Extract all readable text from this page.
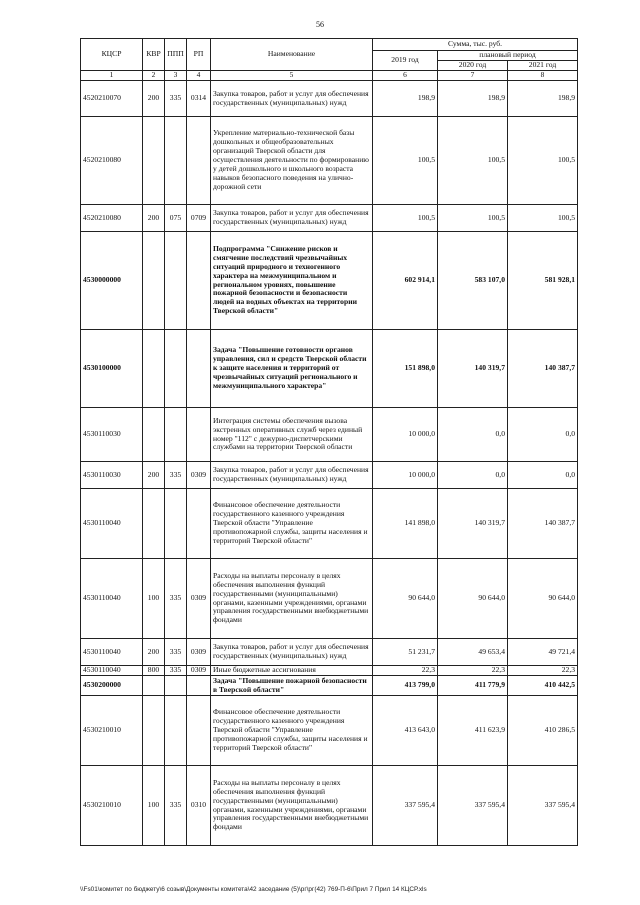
56
КЦСР	КВР	ППП	РП	Наименование	Сумма, тыс. руб.		
					2019 год	плановый период	
						2020 год	2021 год
1	2	3	4	5	6	7	8
4520210070	200	335	0314	Закупка товаров, работ и услуг для обеспечения государственных (муниципальных) нужд	198,9	198,9	198,9
4520210080				Укрепление материально-технической базы дошкольных и общеобразовательных организаций Тверской области для осуществления деятельности по формированию у детей дошкольного и школьного возраста навыков безопасного поведения на улично-дорожной сети	100,5	100,5	100,5
4520210080	200	075	0709	Закупка товаров, работ и услуг для обеспечения государственных (муниципальных) нужд	100,5	100,5	100,5
4530000000				Подпрограмма "Снижение рисков и смягчение последствий чрезвычайных ситуаций природного и техногенного характера на межмуниципальном и региональном уровнях, повышение пожарной безопасности и безопасности людей на водных объектах на территории Тверской области"	602 914,1	583 107,0	581 928,1
4530100000				Задача "Повышение готовности органов управления, сил и средств Тверской области к защите населения и территорий от чрезвычайных ситуаций регионального и межмуниципального характера"	151 898,0	140 319,7	140 387,7
4530110030				Интеграция системы обеспечения вызова экстренных оперативных служб через единый номер "112" с дежурно-диспетчерскими службами на территории Тверской области	10 000,0	0,0	0,0
4530110030	200	335	0309	Закупка товаров, работ и услуг для обеспечения государственных (муниципальных) нужд	10 000,0	0,0	0,0
4530110040				Финансовое обеспечение деятельности государственного казенного учреждения Тверской области "Управление противопожарной службы, защиты населения и территорий Тверской области"	141 898,0	140 319,7	140 387,7
4530110040	100	335	0309	Расходы на выплаты персоналу в целях обеспечения выполнения функций государственными (муниципальными) органами, казенными учреждениями, органами управления государственными внебюджетными фондами	90 644,0	90 644,0	90 644,0
4530110040	200	335	0309	Закупка товаров, работ и услуг для обеспечения государственных (муниципальных) нужд	51 231,7	49 653,4	49 721,4
4530110040	800	335	0309	Иные бюджетные ассигнования	22,3	22,3	22,3
4530200000				Задача "Повышение пожарной безопасности в Тверской области"	413 799,0	411 779,9	410 442,5
4530210010				Финансовое обеспечение деятельности государственного казенного учреждения Тверской области "Управление противопожарной службы, защиты населения и территорий Тверской области"	413 643,0	411 623,9	410 286,5
4530210010	100	335	0310	Расходы на выплаты персоналу в целях обеспечения выполнения функций государственными (муниципальными) органами, казенными учреждениями, органами управления государственными внебюджетными фондами	337 595,4	337 595,4	337 595,4
\\Fs01\комитет по бюджету\6 созыв\Документы комитета\42 заседание (5)\рг\рг(42) 769-П-6\Прил 7 Прил 14 КЦСР.xls
